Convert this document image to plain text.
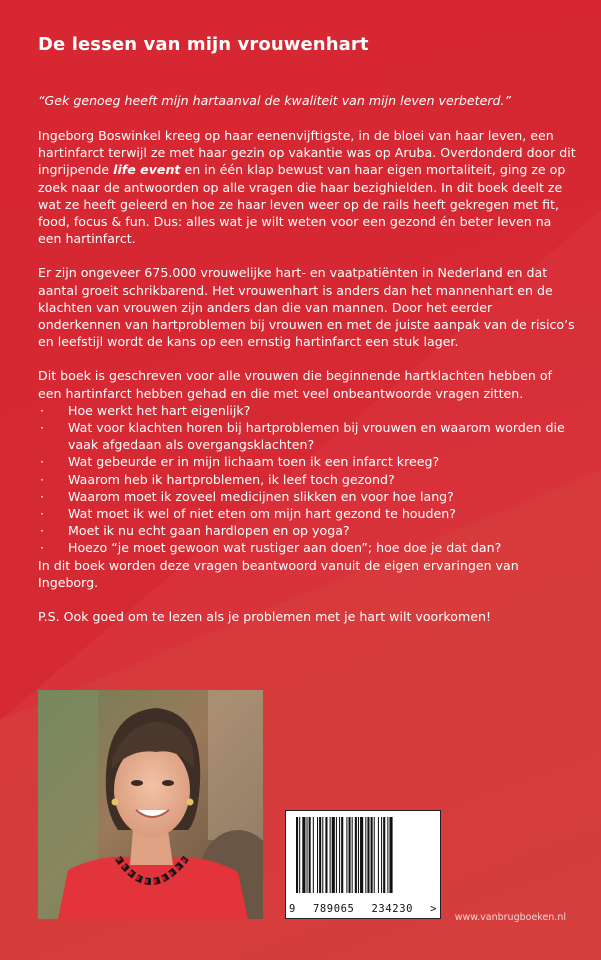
De lessen van mijn vrouwenhart
“Gek genoeg heeft mijn hartaanval de kwaliteit van mijn leven verbeterd.”

Ingeborg Boswinkel kreeg op haar eenenvijftigste, in de bloei van haar leven, een hartinfarct terwijl ze met haar gezin op vakantie was op Aruba. Overdonderd door dit ingrijpende life event en in één klap bewust van haar eigen mortaliteit, ging ze op zoek naar de antwoorden op alle vragen die haar bezighielden. In dit boek deelt ze wat ze heeft geleerd en hoe ze haar leven weer op de rails heeft gekregen met fit, food, focus & fun. Dus: alles wat je wilt weten voor een gezond én beter leven na een hartinfarct.

Er zijn ongeveer 675.000 vrouwelijke hart- en vaatpatiënten in Nederland en dat aantal groeit schrikbarend. Het vrouwenhart is anders dan het mannenhart en de klachten van vrouwen zijn anders dan die van mannen. Door het eerder onderkennen van hartproblemen bij vrouwen en met de juiste aanpak van de risico’s en leefstijl wordt de kans op een ernstig hartinfarct een stuk lager.

Dit boek is geschreven voor alle vrouwen die beginnende hartklachten hebben of een hartinfarct hebben gehad en die met veel onbeantwoorde vragen zitten.
· Hoe werkt het hart eigenlijk?
· Wat voor klachten horen bij hartproblemen bij vrouwen en waarom worden die vaak afgedaan als overgangsklachten?
· Wat gebeurde er in mijn lichaam toen ik een infarct kreeg?
· Waarom heb ik hartproblemen, ik leef toch gezond?
· Waarom moet ik zoveel medicijnen slikken en voor hoe lang?
· Wat moet ik wel of niet eten om mijn hart gezond te houden?
· Moet ik nu echt gaan hardlopen en op yoga?
· Hoezo “je moet gewoon wat rustiger aan doen”; hoe doe je dat dan?
In dit boek worden deze vragen beantwoord vanuit de eigen ervaringen van Ingeborg.

P.S. Ook goed om te lezen als je problemen met je hart wilt voorkomen!

9 789065 234230 >
www.vanbrugboeken.nl
